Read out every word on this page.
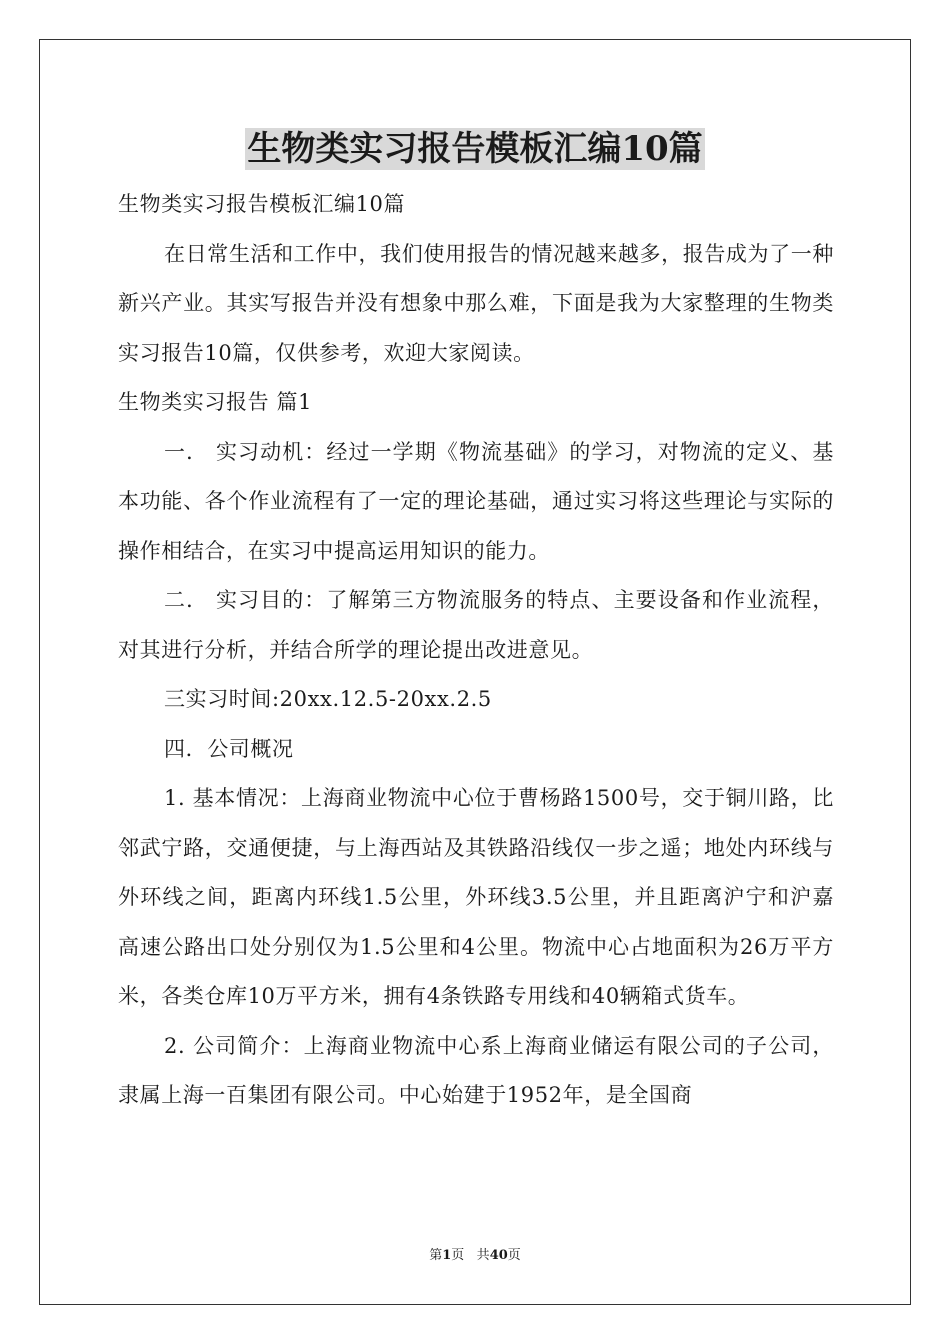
生物类实习报告模板汇编10篇

生物类实习报告模板汇编10篇

在日常生活和工作中，我们使用报告的情况越来越多，报告成为了一种新兴产业。其实写报告并没有想象中那么难，下面是我为大家整理的生物类实习报告10篇，仅供参考，欢迎大家阅读。

生物类实习报告 篇1

一． 实习动机：经过一学期《物流基础》的学习，对物流的定义、基本功能、各个作业流程有了一定的理论基础，通过实习将这些理论与实际的操作相结合，在实习中提高运用知识的能力。

二． 实习目的：了解第三方物流服务的特点、主要设备和作业流程，对其进行分析，并结合所学的理论提出改进意见。

三实习时间:20xx.12.5-20xx.2.5

四．公司概况

1. 基本情况：上海商业物流中心位于曹杨路1500号，交于铜川路，比邻武宁路，交通便捷，与上海西站及其铁路沿线仅一步之遥；地处内环线与外环线之间，距离内环线1.5公里，外环线3.5公里，并且距离沪宁和沪嘉高速公路出口处分别仅为1.5公里和4公里。物流中心占地面积为26万平方米，各类仓库10万平方米，拥有4条铁路专用线和40辆箱式货车。

2. 公司简介：上海商业物流中心系上海商业储运有限公司的子公司，隶属上海一百集团有限公司。中心始建于1952年，是全国商

第1页 共40页
